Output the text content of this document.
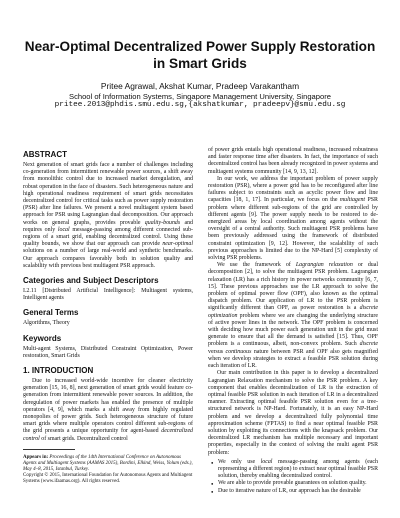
Near-Optimal Decentralized Power Supply Restoration
in Smart Grids
Pritee Agrawal, Akshat Kumar, Pradeep Varakantham
School of Information Systems, Singapore Management University, Singapore
pritee.2013@phdis.smu.edu.sg,{akshatkumar, pradeepv}@smu.edu.sg
ABSTRACT

Next generation of smart grids face a number of challenges including co-generation from intermittent renewable power sources, a shift away from monolithic control due to increased market deregulation, and robust operation in the face of disasters. Such heterogeneous nature and high operational readiness requirement of smart grids necessitates decentralized control for critical tasks such as power supply restoration (PSR) after line failures. We present a novel multiagent system based approach for PSR using Lagrangian dual decomposition. Our approach works on general graphs, provides provable quality-bounds and requires only local message-passing among different connected sub-regions of a smart grid, enabling decentralized control. Using these quality bounds, we show that our approach can provide near-optimal solutions on a number of large real-world and synthetic benchmarks. Our approach compares favorably both in solution quality and scalability with previous best multiagent PSR approach.

Categories and Subject Descriptors

I.2.11 [Distributed Artificial Intelligence]: Multiagent systems, Intelligent agents

General Terms

Algorithms, Theory

Keywords

Multi-agent Systems, Distributed Constraint Optimization, Power restoration, Smart Grids

1. INTRODUCTION

Due to increased world-wide incentive for cleaner electricity generation [15, 16, 8], next generation of smart grids would feature co-generation from intermittent renewable power sources. In addition, the deregulation of power markets has enabled the presence of multiple operators [4, 9], which marks a shift away from highly regulated monopolies of power grids. Such heterogeneous structure of future smart grids where multiple operators control different sub-regions of the grid presents a unique opportunity for agent-based decentralized control of smart grids. Decentralized control

Appears in: Proceedings of the 14th International Conference on Autonomous Agents and Multiagent Systems (AAMAS 2015), Bordini, Elkind, Weiss, Yolum (eds.), May 4–8, 2015, Istanbul, Turkey.
Copyright © 2015, International Foundation for Autonomous Agents and Multiagent Systems (www.ifaamas.org). All rights reserved.

of power grids entails high operational readiness, increased robustness and faster response time after disasters. In fact, the importance of such decentralized control has been already recognized in power systems and multiagent systems community [14, 9, 13, 12].

In our work, we address the important problem of power supply restoration (PSR), where a power grid has to be reconfigured after line failures subject to constraints such as acyclic power flow and line capacities [18, 1, 17]. In particular, we focus on the multiagent PSR problem where different sub-regions of the grid are controlled by different agents [9]. The power supply needs to be restored to de-energized areas by local coordination among agents without the oversight of a central authority. Such multiagent PSR problems have been previously addressed using the framework of distributed constraint optimization [9, 12]. However, the scalability of such previous approaches is limited due to the NP-Hard [5] complexity of solving PSR problems.

We use the framework of Lagrangian relaxation or dual decomposition [2], to solve the multiagent PSR problem. Lagrangian relaxation (LR) has a rich history in power networks community [6, 7, 15]. These previous approaches use the LR approach to solve the problem of optimal power flow (OPF), also known as the optimal dispatch problem. Our application of LR to the PSR problem is significantly different than OPF, as power restoration is a discrete optimization problem where we are changing the underlying structure of active power lines in the network. The OPF problem is concerned with deciding how much power each generation unit in the grid must generate to ensure that all the demand is satisfied [15]. Thus, OPF problem is a continuous, albeit, non-convex problem. Such discrete versus continuous nature between PSR and OPF also gets magnified when we develop strategies to extract a feasible PSR solution during each iteration of LR.

Our main contribution in this paper is to develop a decentralized Lagrangian Relaxation mechanism to solve the PSR problem. A key component that enables decentralization of LR is the extraction of optimal feasible PSR solution in each iteration of LR in a decentralized manner. Extracting optimal feasible PSR solution even for a tree-structured network is NP-Hard. Fortunately, it is an easy NP-Hard problem and we develop a decentralized fully polynomial time approximation scheme (FPTAS) to find a near optimal feasible PSR solution by exploiting its connections with the knapsack problem. Our decentralized LR mechanism has multiple necessary and important properties, especially in the context of solving the multi agent PSR problem:

● We only use local message-passing among agents (each representing a different region) to extract near optimal feasible PSR solution, thereby enabling decentralized control.
● We are able to provide provable guarantees on solution quality.
● Due to iterative nature of LR, our approach has the desirable
